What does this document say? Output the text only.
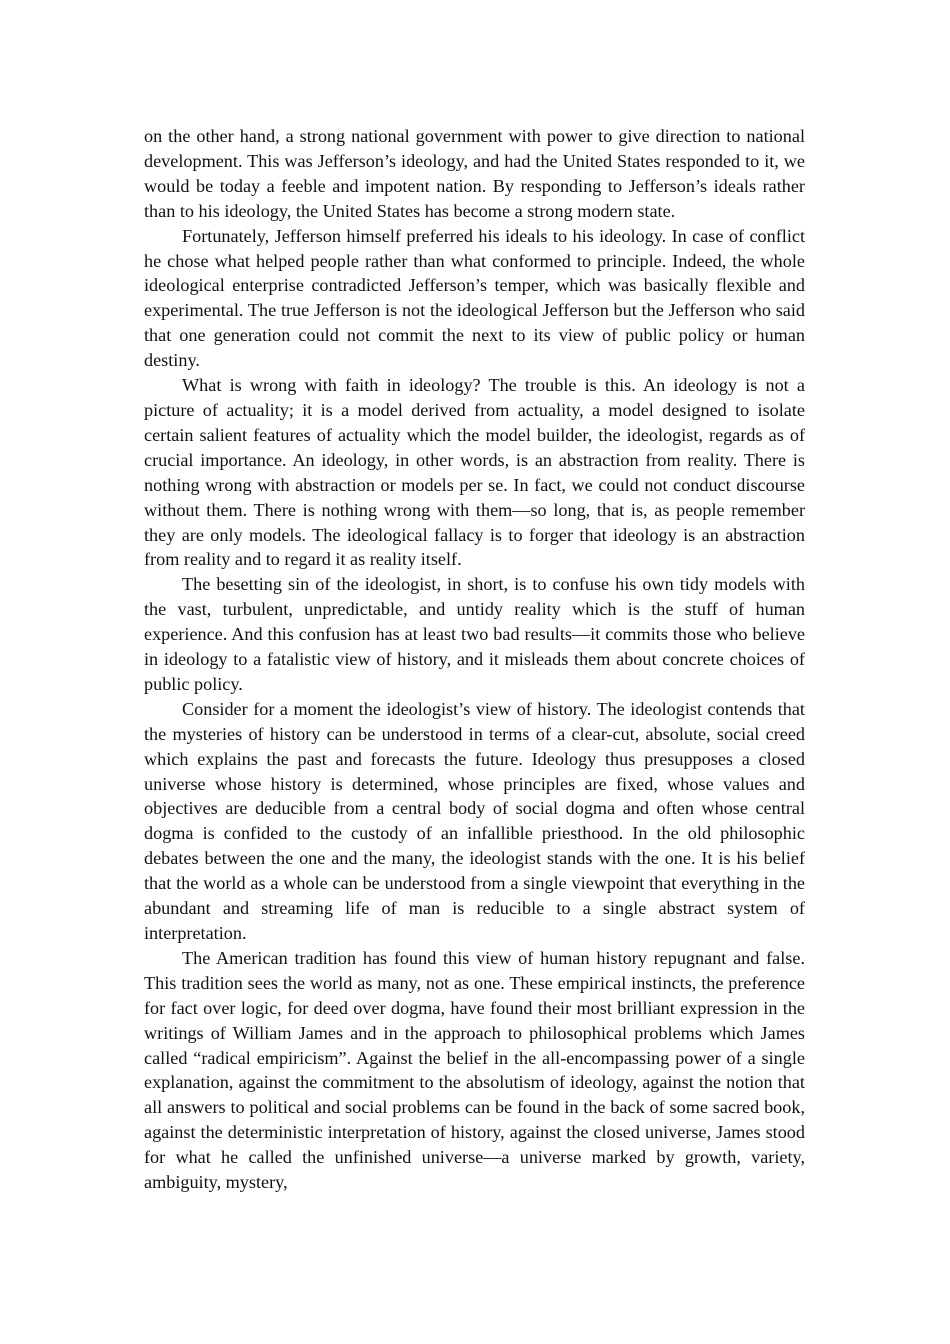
on the other hand, a strong national government with power to give direction to national development. This was Jefferson’s ideology, and had the United States responded to it, we would be today a feeble and impotent nation. By responding to Jefferson’s ideals rather than to his ideology, the United States has become a strong modern state.

Fortunately, Jefferson himself preferred his ideals to his ideology. In case of conflict he chose what helped people rather than what conformed to principle. Indeed, the whole ideological enterprise contradicted Jefferson’s temper, which was basically flexible and experimental. The true Jefferson is not the ideological Jefferson but the Jefferson who said that one generation could not commit the next to its view of public policy or human destiny.

What is wrong with faith in ideology? The trouble is this. An ideology is not a picture of actuality; it is a model derived from actuality, a model designed to isolate certain salient features of actuality which the model builder, the ideologist, regards as of crucial importance. An ideology, in other words, is an abstraction from reality. There is nothing wrong with abstraction or models per se. In fact, we could not conduct discourse without them. There is nothing wrong with them—so long, that is, as people remember they are only models. The ideological fallacy is to forger that ideology is an abstraction from reality and to regard it as reality itself.

The besetting sin of the ideologist, in short, is to confuse his own tidy models with the vast, turbulent, unpredictable, and untidy reality which is the stuff of human experience. And this confusion has at least two bad results—it commits those who believe in ideology to a fatalistic view of history, and it misleads them about concrete choices of public policy.

Consider for a moment the ideologist’s view of history. The ideologist contends that the mysteries of history can be understood in terms of a clear-cut, absolute, social creed which explains the past and forecasts the future. Ideology thus presupposes a closed universe whose history is determined, whose principles are fixed, whose values and objectives are deducible from a central body of social dogma and often whose central dogma is confided to the custody of an infallible priesthood. In the old philosophic debates between the one and the many, the ideologist stands with the one. It is his belief that the world as a whole can be understood from a single viewpoint that everything in the abundant and streaming life of man is reducible to a single abstract system of interpretation.

The American tradition has found this view of human history repugnant and false. This tradition sees the world as many, not as one. These empirical instincts, the preference for fact over logic, for deed over dogma, have found their most brilliant expression in the writings of William James and in the approach to philosophical problems which James called “radical empiricism”. Against the belief in the all-encompassing power of a single explanation, against the commitment to the absolutism of ideology, against the notion that all answers to political and social problems can be found in the back of some sacred book, against the deterministic interpretation of history, against the closed universe, James stood for what he called the unfinished universe—a universe marked by growth, variety, ambiguity, mystery,
